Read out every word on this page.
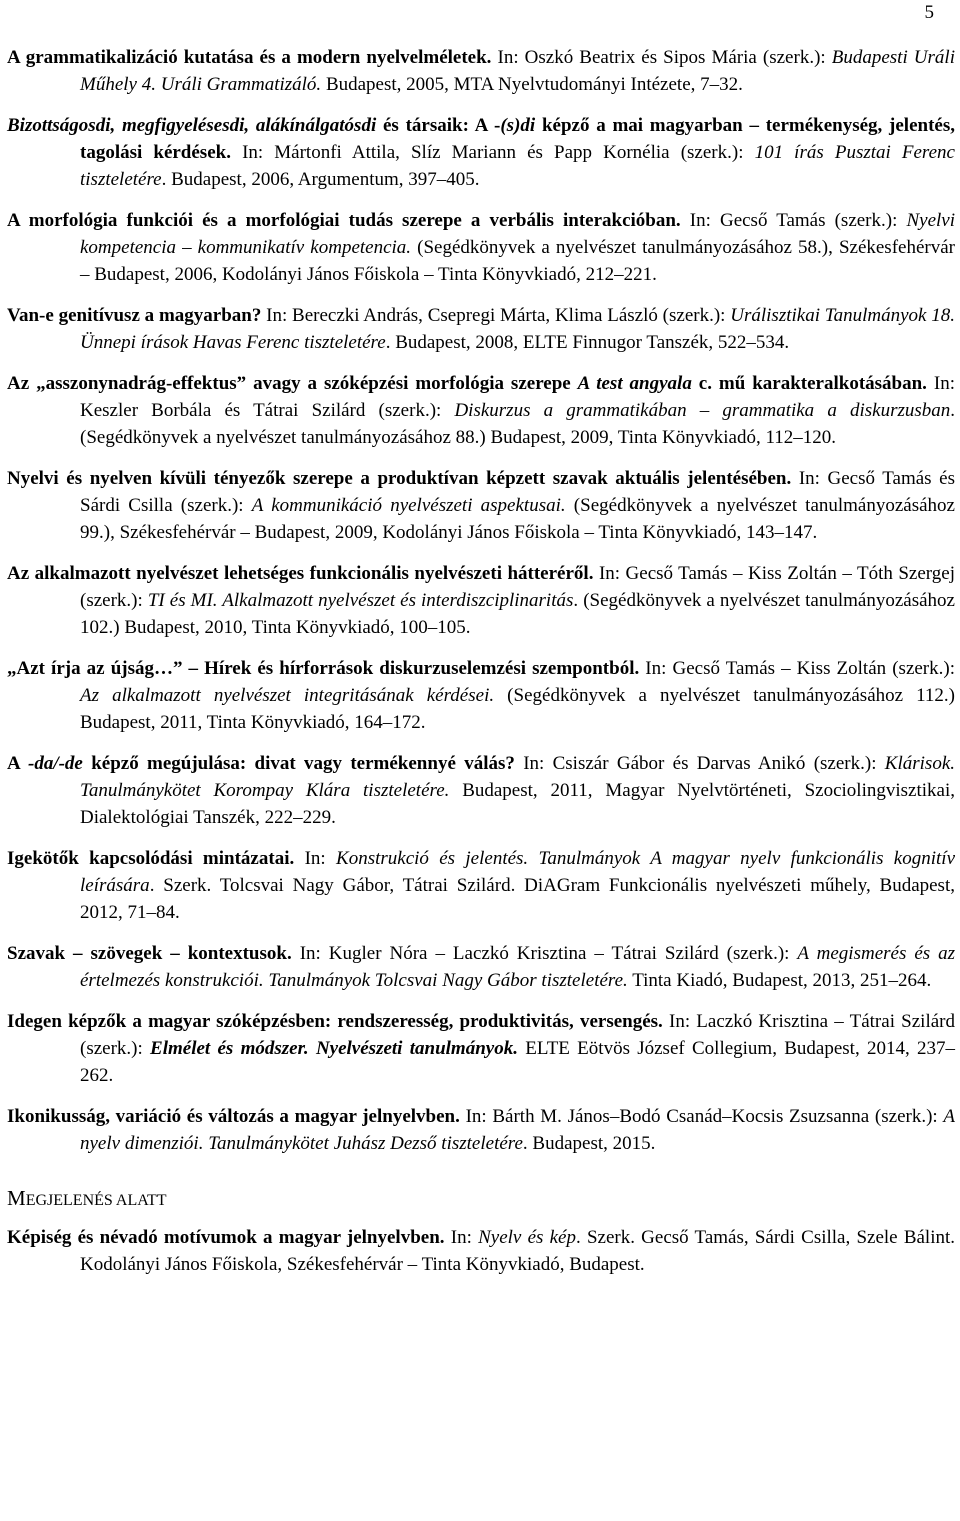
5

A grammatikalizáció kutatása és a modern nyelvelméletek. In: Oszkó Beatrix és Sipos Mária (szerk.): Budapesti Uráli Műhely 4. Uráli Grammatizáló. Budapest, 2005, MTA Nyelvtudományi Intézete, 7–32.

Bizottságosdi, megfigyelésesdi, alákínálgatósdi és társaik: A -(s)di képző a mai magyarban – termékenység, jelentés, tagolási kérdések. In: Mártonfi Attila, Slíz Mariann és Papp Kornélia (szerk.): 101 írás Pusztai Ferenc tiszteletére. Budapest, 2006, Argumentum, 397–405.

A morfológia funkciói és a morfológiai tudás szerepe a verbális interakcióban. In: Gecső Tamás (szerk.): Nyelvi kompetencia – kommunikatív kompetencia. (Segédkönyvek a nyelvészet tanulmányozásához 58.), Székesfehérvár – Budapest, 2006, Kodolányi János Főiskola – Tinta Könyvkiadó, 212–221.

Van-e genitívusz a magyarban? In: Bereczki András, Csepregi Márta, Klima László (szerk.): Urálisztikai Tanulmányok 18. Ünnepi írások Havas Ferenc tiszteletére. Budapest, 2008, ELTE Finnugor Tanszék, 522–534.

Az „asszonynadrág-effektus” avagy a szóképzési morfológia szerepe A test angyala c. mű karakteralkotásában. In: Keszler Borbála és Tátrai Szilárd (szerk.): Diskurzus a grammatikában – grammatika a diskurzusban. (Segédkönyvek a nyelvészet tanulmányozásához 88.) Budapest, 2009, Tinta Könyvkiadó, 112–120.

Nyelvi és nyelven kívüli tényezők szerepe a produktívan képzett szavak aktuális jelentésében. In: Gecső Tamás és Sárdi Csilla (szerk.): A kommunikáció nyelvészeti aspektusai. (Segédkönyvek a nyelvészet tanulmányozásához 99.), Székesfehérvár – Budapest, 2009, Kodolányi János Főiskola – Tinta Könyvkiadó, 143–147.

Az alkalmazott nyelvészet lehetséges funkcionális nyelvészeti hátteréről. In: Gecső Tamás – Kiss Zoltán – Tóth Szergej (szerk.): TI és MI. Alkalmazott nyelvészet és interdiszciplinaritás. (Segédkönyvek a nyelvészet tanulmányozásához 102.) Budapest, 2010, Tinta Könyvkiadó, 100–105.

„Azt írja az újság…” – Hírek és hírforrások diskurzuselemzési szempontból. In: Gecső Tamás – Kiss Zoltán (szerk.): Az alkalmazott nyelvészet integritásának kérdései. (Segédkönyvek a nyelvészet tanulmányozásához 112.) Budapest, 2011, Tinta Könyvkiadó, 164–172.

A -da/-de képző megújulása: divat vagy termékennyé válás? In: Csiszár Gábor és Darvas Anikó (szerk.): Klárisok. Tanulmánykötet Korompay Klára tiszteletére. Budapest, 2011, Magyar Nyelvtörténeti, Szociolingvisztikai, Dialektológiai Tanszék, 222–229.

Igekötők kapcsolódási mintázatai. In: Konstrukció és jelentés. Tanulmányok A magyar nyelv funkcionális kognitív leírására. Szerk. Tolcsvai Nagy Gábor, Tátrai Szilárd. DiAGram Funkcionális nyelvészeti műhely, Budapest, 2012, 71–84.

Szavak – szövegek – kontextusok. In: Kugler Nóra – Laczkó Krisztina – Tátrai Szilárd (szerk.): A megismerés és az értelmezés konstrukciói. Tanulmányok Tolcsvai Nagy Gábor tiszteletére. Tinta Kiadó, Budapest, 2013, 251–264.

Idegen képzők a magyar szóképzésben: rendszeresség, produktivitás, versengés. In: Laczkó Krisztina – Tátrai Szilárd (szerk.): Elmélet és módszer. Nyelvészeti tanulmányok. ELTE Eötvös József Collegium, Budapest, 2014, 237–262.

Ikonikusság, variáció és változás a magyar jelnyelvben. In: Bárth M. János–Bodó Csanád–Kocsis Zsuzsanna (szerk.): A nyelv dimenziói. Tanulmánykötet Juhász Dezső tiszteletére. Budapest, 2015.

MEGJELENÉS ALATT

Képiség és névadó motívumok a magyar jelnyelvben. In: Nyelv és kép. Szerk. Gecső Tamás, Sárdi Csilla, Szele Bálint. Kodolányi János Főiskola, Székesfehérvár – Tinta Könyvkiadó, Budapest.
